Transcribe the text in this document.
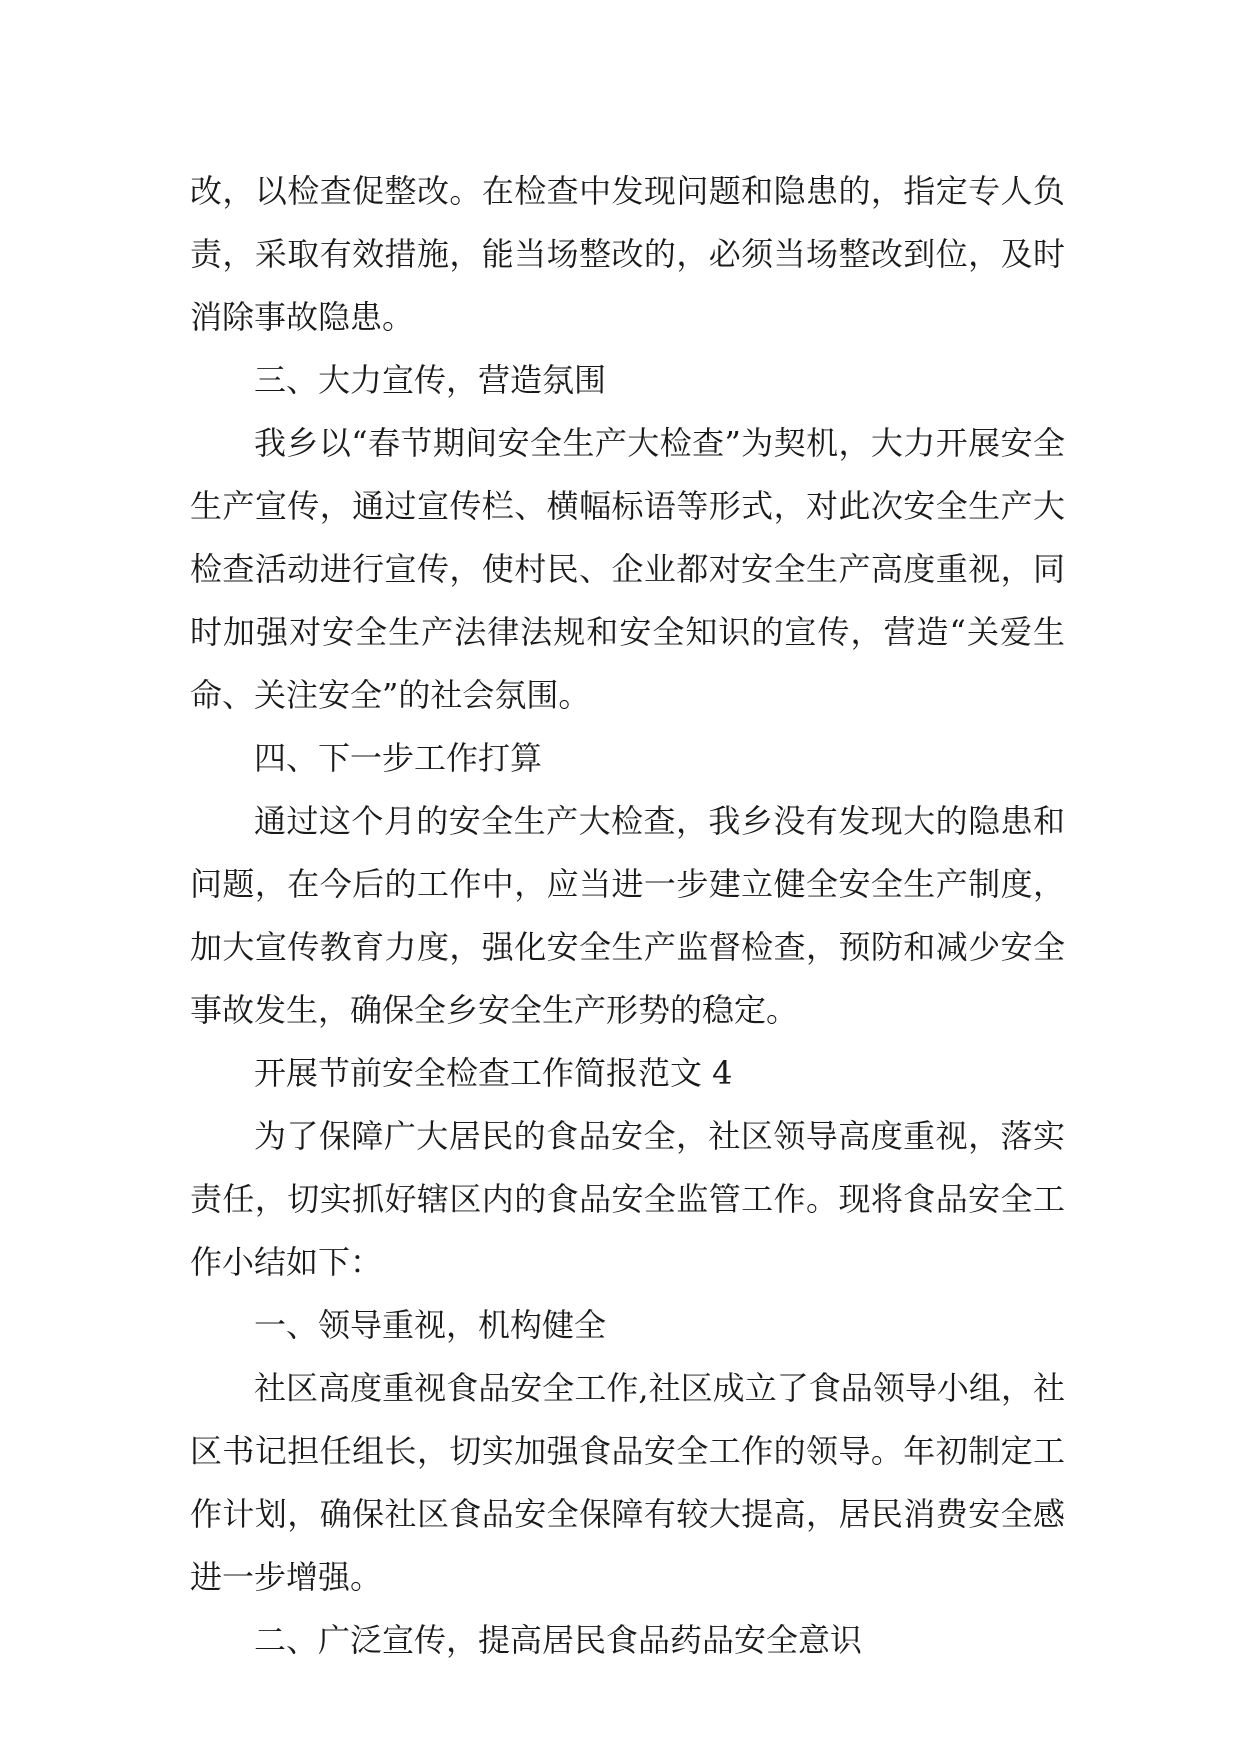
改，以检查促整改。在检查中发现问题和隐患的，指定专人负责，采取有效措施，能当场整改的，必须当场整改到位，及时消除事故隐患。

三、大力宣传，营造氛围

我乡以“春节期间安全生产大检查”为契机，大力开展安全生产宣传，通过宣传栏、横幅标语等形式，对此次安全生产大检查活动进行宣传，使村民、企业都对安全生产高度重视，同时加强对安全生产法律法规和安全知识的宣传，营造“关爱生命、关注安全”的社会氛围。

四、下一步工作打算

通过这个月的安全生产大检查，我乡没有发现大的隐患和问题，在今后的工作中，应当进一步建立健全安全生产制度，加大宣传教育力度，强化安全生产监督检查，预防和减少安全事故发生，确保全乡安全生产形势的稳定。

开展节前安全检查工作简报范文 4

为了保障广大居民的食品安全，社区领导高度重视，落实责任，切实抓好辖区内的食品安全监管工作。现将食品安全工作小结如下：

一、领导重视，机构健全

社区高度重视食品安全工作,社区成立了食品领导小组，社区书记担任组长，切实加强食品安全工作的领导。年初制定工作计划，确保社区食品安全保障有较大提高，居民消费安全感进一步增强。

二、广泛宣传，提高居民食品药品安全意识
